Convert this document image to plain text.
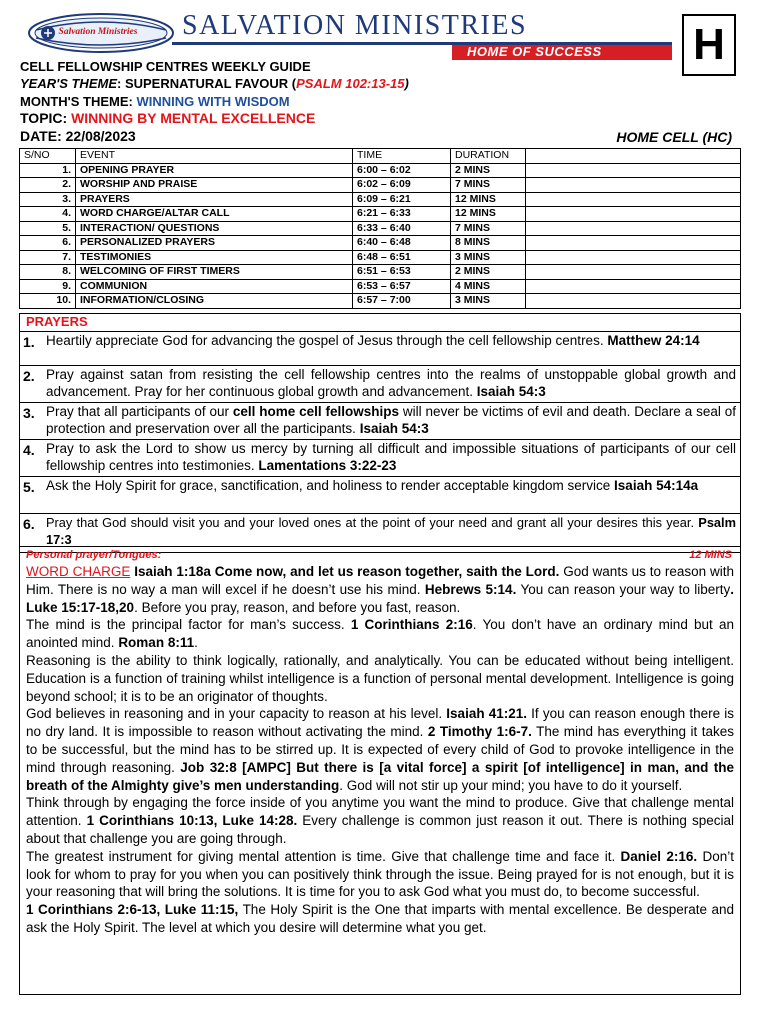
Salvation Ministries	SALVATION MINISTRIES
HOME OF SUCCESS H
CELL FELLOWSHIP CENTRES WEEKLY GUIDE
YEAR'S THEME: SUPERNATURAL FAVOUR (PSALM 102:13-15)
MONTH'S THEME: WINNING WITH WISDOM
TOPIC: WINNING BY MENTAL EXCELLENCE
DATE: 22/08/2023	HOME CELL (HC)
S/NO	EVENT	TIME	DURATION	
1.	OPENING PRAYER	6:00 – 6:02	2 MINS	
2.	WORSHIP AND PRAISE	6:02 – 6:09	7 MINS	
3.	PRAYERS	6:09 – 6:21	12 MINS	
4.	WORD CHARGE/ALTAR CALL	6:21 – 6:33	12 MINS	
5.	INTERACTION/ QUESTIONS	6:33 – 6:40	7 MINS	
6.	PERSONALIZED PRAYERS	6:40 – 6:48	8 MINS	
7.	TESTIMONIES	6:48 – 6:51	3 MINS	
8.	WELCOMING OF FIRST TIMERS	6:51 – 6:53	2 MINS	
9.	COMMUNION	6:53 – 6:57	4 MINS	
10.	INFORMATION/CLOSING	6:57 – 7:00	3 MINS	
PRAYERS
1. Heartily appreciate God for advancing the gospel of Jesus through the cell fellowship centres. Matthew 24:14
2. Pray against satan from resisting the cell fellowship centres into the realms of unstoppable global growth and advancement. Pray for her continuous global growth and advancement. Isaiah 54:3
3. Pray that all participants of our cell home cell fellowships will never be victims of evil and death. Declare a seal of protection and preservation over all the participants. Isaiah 54:3
4. Pray to ask the Lord to show us mercy by turning all difficult and impossible situations of participants of our cell fellowship centres into testimonies. Lamentations 3:22-23
5. Ask the Holy Spirit for grace, sanctification, and holiness to render acceptable kingdom service Isaiah 54:14a
6. Pray that God should visit you and your loved ones at the point of your need and grant all your desires this year. Psalm 17:3
Personal prayer/Tongues:	12 MINS

WORD CHARGE Isaiah 1:18a Come now, and let us reason together, saith the Lord. God wants us to reason with Him. There is no way a man will excel if he doesn’t use his mind. Hebrews 5:14. You can reason your way to liberty. Luke 15:17-18,20. Before you pray, reason, and before you fast, reason.

The mind is the principal factor for man’s success. 1 Corinthians 2:16. You don’t have an ordinary mind but an anointed mind. Roman 8:11.

Reasoning is the ability to think logically, rationally, and analytically. You can be educated without being intelligent. Education is a function of training whilst intelligence is a function of personal mental development. Intelligence is going beyond school; it is to be an originator of thoughts.

God believes in reasoning and in your capacity to reason at his level. Isaiah 41:21. If you can reason enough there is no dry land. It is impossible to reason without activating the mind. 2 Timothy 1:6-7. The mind has everything it takes to be successful, but the mind has to be stirred up. It is expected of every child of God to provoke intelligence in the mind through reasoning. Job 32:8 [AMPC] But there is [a vital force] a spirit [of intelligence] in man, and the breath of the Almighty give’s men understanding. God will not stir up your mind; you have to do it yourself.

Think through by engaging the force inside of you anytime you want the mind to produce. Give that challenge mental attention. 1 Corinthians 10:13, Luke 14:28. Every challenge is common just reason it out. There is nothing special about that challenge you are going through.

The greatest instrument for giving mental attention is time. Give that challenge time and face it. Daniel 2:16. Don’t look for whom to pray for you when you can positively think through the issue. Being prayed for is not enough, but it is your reasoning that will bring the solutions. It is time for you to ask God what you must do, to become successful.

1 Corinthians 2:6-13, Luke 11:15, The Holy Spirit is the One that imparts with mental excellence. Be desperate and ask the Holy Spirit. The level at which you desire will determine what you get.
